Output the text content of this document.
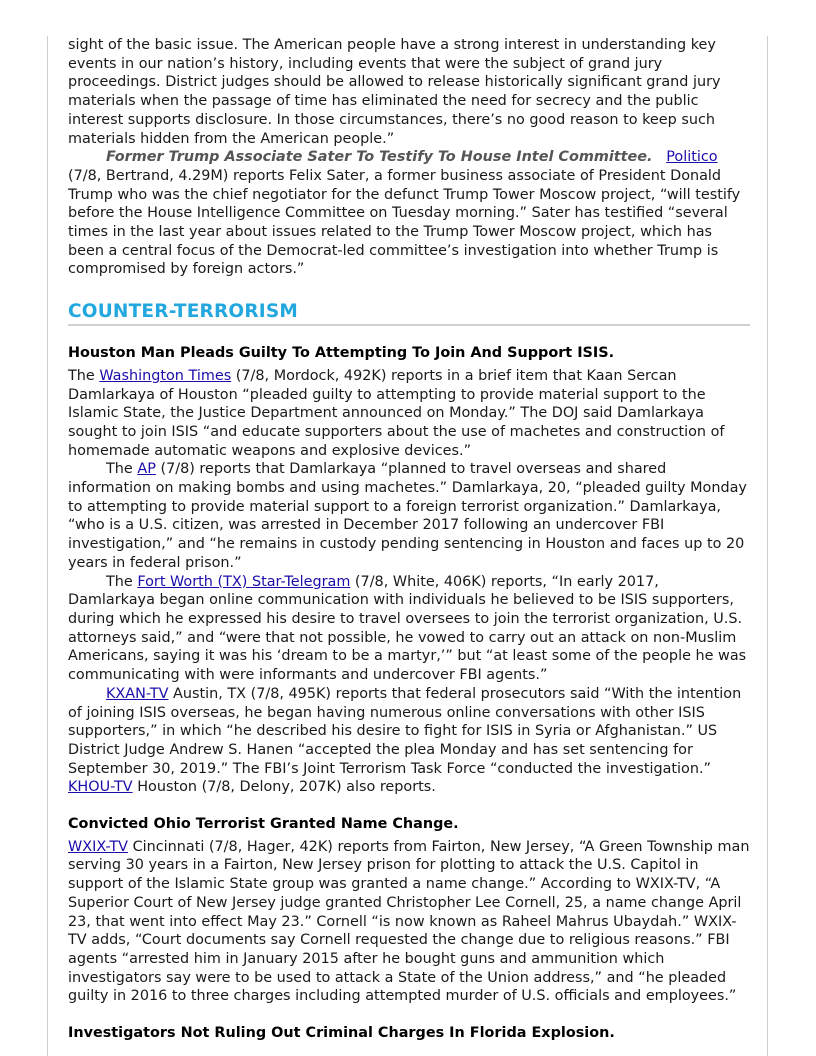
sight of the basic issue. The American people have a strong interest in understanding key events in our nation’s history, including events that were the subject of grand jury proceedings. District judges should be allowed to release historically significant grand jury materials when the passage of time has eliminated the need for secrecy and the public interest supports disclosure. In those circumstances, there’s no good reason to keep such materials hidden from the American people.”

Former Trump Associate Sater To Testify To House Intel Committee. Politico (7/8, Bertrand, 4.29M) reports Felix Sater, a former business associate of President Donald Trump who was the chief negotiator for the defunct Trump Tower Moscow project, “will testify before the House Intelligence Committee on Tuesday morning.” Sater has testified “several times in the last year about issues related to the Trump Tower Moscow project, which has been a central focus of the Democrat-led committee’s investigation into whether Trump is compromised by foreign actors.”

COUNTER-TERRORISM
Houston Man Pleads Guilty To Attempting To Join And Support ISIS.

The Washington Times (7/8, Mordock, 492K) reports in a brief item that Kaan Sercan Damlarkaya of Houston “pleaded guilty to attempting to provide material support to the Islamic State, the Justice Department announced on Monday.” The DOJ said Damlarkaya sought to join ISIS “and educate supporters about the use of machetes and construction of homemade automatic weapons and explosive devices.”

The AP (7/8) reports that Damlarkaya “planned to travel overseas and shared information on making bombs and using machetes.” Damlarkaya, 20, “pleaded guilty Monday to attempting to provide material support to a foreign terrorist organization.” Damlarkaya, “who is a U.S. citizen, was arrested in December 2017 following an undercover FBI investigation,” and “he remains in custody pending sentencing in Houston and faces up to 20 years in federal prison.”

The Fort Worth (TX) Star-Telegram (7/8, White, 406K) reports, “In early 2017, Damlarkaya began online communication with individuals he believed to be ISIS supporters, during which he expressed his desire to travel oversees to join the terrorist organization, U.S. attorneys said,” and “were that not possible, he vowed to carry out an attack on non-Muslim Americans, saying it was his ‘dream to be a martyr,’” but “at least some of the people he was communicating with were informants and undercover FBI agents.”

KXAN-TV Austin, TX (7/8, 495K) reports that federal prosecutors said “With the intention of joining ISIS overseas, he began having numerous online conversations with other ISIS supporters,” in which “he described his desire to fight for ISIS in Syria or Afghanistan.” US District Judge Andrew S. Hanen “accepted the plea Monday and has set sentencing for September 30, 2019.” The FBI’s Joint Terrorism Task Force “conducted the investigation.” KHOU-TV Houston (7/8, Delony, 207K) also reports.

Convicted Ohio Terrorist Granted Name Change.

WXIX-TV Cincinnati (7/8, Hager, 42K) reports from Fairton, New Jersey, “A Green Township man serving 30 years in a Fairton, New Jersey prison for plotting to attack the U.S. Capitol in support of the Islamic State group was granted a name change.” According to WXIX-TV, “A Superior Court of New Jersey judge granted Christopher Lee Cornell, 25, a name change April 23, that went into effect May 23.” Cornell “is now known as Raheel Mahrus Ubaydah.” WXIX-TV adds, “Court documents say Cornell requested the change due to religious reasons.” FBI agents “arrested him in January 2015 after he bought guns and ammunition which investigators say were to be used to attack a State of the Union address,” and “he pleaded guilty in 2016 to three charges including attempted murder of U.S. officials and employees.”

Investigators Not Ruling Out Criminal Charges In Florida Explosion.
